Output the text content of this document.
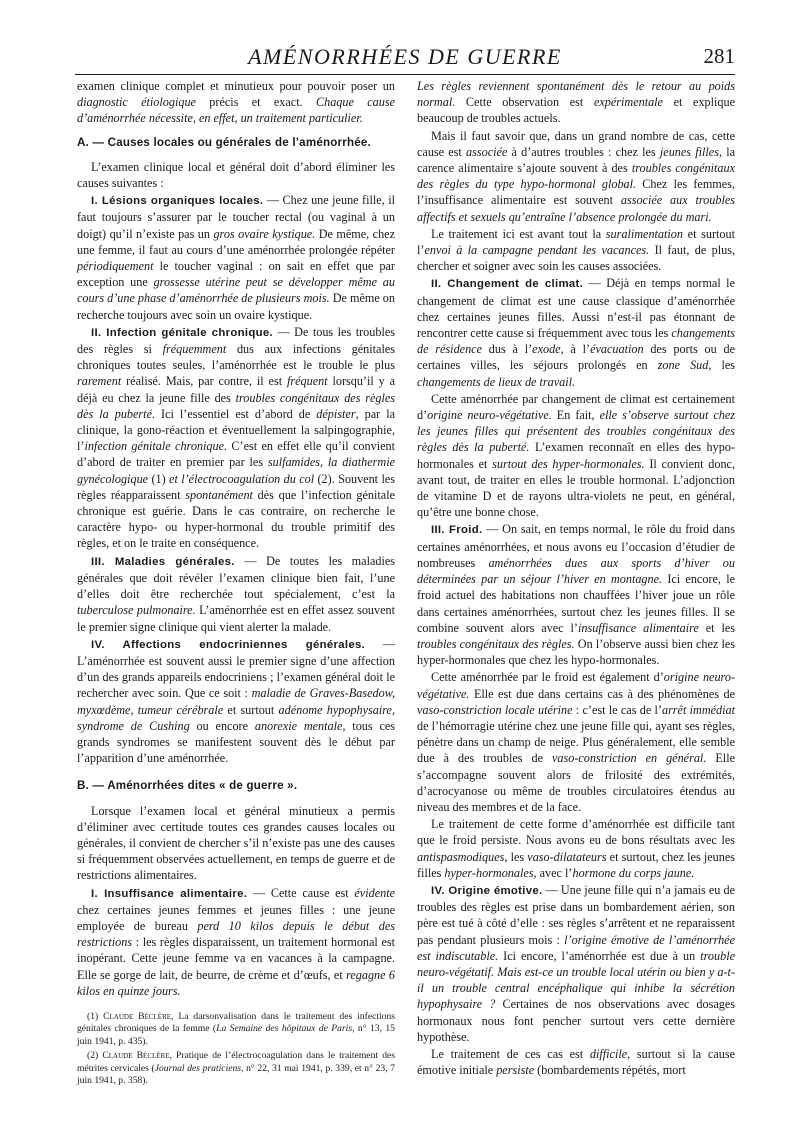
AMÉNORRHÉES DE GUERRE	281

examen clinique complet et minutieux pour pouvoir poser un diagnostic étiologique précis et exact. Chaque cause d’aménorrhée nécessite, en effet, un traitement particulier.

A. — Causes locales ou générales de l’aménorrhée.

L’examen clinique local et général doit d’abord éliminer les causes suivantes :

I. Lésions organiques locales. — Chez une jeune fille, il faut toujours s’assurer par le toucher rectal (ou vaginal à un doigt) qu’il n’existe pas un gros ovaire kystique. De même, chez une femme, il faut au cours d’une aménorrhée prolongée répéter périodiquement le toucher vaginal : on sait en effet que par exception une grossesse utérine peut se développer même au cours d’une phase d’aménorrhée de plusieurs mois. De même on recherche toujours avec soin un ovaire kystique.

II. Infection génitale chronique. — De tous les troubles des règles si fréquemment dus aux infections génitales chroniques toutes seules, l’aménorrhée est le trouble le plus rarement réalisé. Mais, par contre, il est fréquent lorsqu’il y a déjà eu chez la jeune fille des troubles congénitaux des règles dès la puberté. Ici l’essentiel est d’abord de dépister, par la clinique, la gono-réaction et éventuellement la salpingographie, l’infection génitale chronique. C’est en effet elle qu’il convient d’abord de traiter en premier par les sulfamides, la diathermie gynécologique (1) et l’électrocoagulation du col (2). Souvent les règles réapparaissent spontanément dès que l’infection génitale chronique est guérie. Dans le cas contraire, on recherche le caractère hypo- ou hyper-hormonal du trouble primitif des règles, et on le traite en conséquence.

III. Maladies générales. — De toutes les maladies générales que doit révéler l’examen clinique bien fait, l’une d’elles doit être recherchée tout spécialement, c’est la tuberculose pulmonaire. L’aménorrhée est en effet assez souvent le premier signe clinique qui vient alerter la malade.

IV. Affections endocriniennes générales. — L’aménorrhée est souvent aussi le premier signe d’une affection d’un des grands appareils endocriniens ; l’examen général doit le rechercher avec soin. Que ce soit : maladie de Graves-Basedow, myxœdème, tumeur cérébrale et surtout adénome hypophysaire, syndrome de Cushing ou encore anorexie mentale, tous ces grands syndromes se manifestent souvent dès le début par l’apparition d’une aménorrhée.

B. — Aménorrhées dites « de guerre ».

Lorsque l’examen local et général minutieux a permis d’éliminer avec certitude toutes ces grandes causes locales ou générales, il convient de chercher s’il n’existe pas une des causes si fréquemment observées actuellement, en temps de guerre et de restrictions alimentaires.

I. Insuffisance alimentaire. — Cette cause est évidente chez certaines jeunes femmes et jeunes filles : une jeune employée de bureau perd 10 kilos depuis le début des restrictions : les règles disparaissent, un traitement hormonal est inopérant. Cette jeune femme va en vacances à la campagne. Elle se gorge de lait, de beurre, de crème et d’œufs, et regagne 6 kilos en quinze jours.

(1) Claude Béclère, La darsonvalisation dans le traitement des infections génitales chroniques de la femme (La Semaine des hôpitaux de Paris, n° 13, 15 juin 1941, p. 435).

(2) Claude Béclère, Pratique de l’électrocoagulation dans le traitement des métrites cervicales (Journal des praticiens, n° 22, 31 mai 1941, p. 339, et n° 23, 7 juin 1941, p. 358).

Les règles reviennent spontanément dès le retour au poids normal. Cette observation est expérimentale et explique beaucoup de troubles actuels.

Mais il faut savoir que, dans un grand nombre de cas, cette cause est associée à d’autres troubles : chez les jeunes filles, la carence alimentaire s’ajoute souvent à des troubles congénitaux des règles du type hypo-hormonal global. Chez les femmes, l’insuffisance alimentaire est souvent associée aux troubles affectifs et sexuels qu’entraîne l’absence prolongée du mari.

Le traitement ici est avant tout la suralimentation et surtout l’envoi à la campagne pendant les vacances. Il faut, de plus, chercher et soigner avec soin les causes associées.

II. Changement de climat. — Déjà en temps normal le changement de climat est une cause classique d’aménorrhée chez certaines jeunes filles. Aussi n’est-il pas étonnant de rencontrer cette cause si fréquemment avec tous les changements de résidence dus à l’exode, à l’évacuation des ports ou de certaines villes, les séjours prolongés en zone Sud, les changements de lieux de travail.

Cette aménorrhée par changement de climat est certainement d’origine neuro-végétative. En fait, elle s’observe surtout chez les jeunes filles qui présentent des troubles congénitaux des règles dès la puberté. L’examen reconnaît en elles des hypo-hormonales et surtout des hyper-hormonales. Il convient donc, avant tout, de traiter en elles le trouble hormonal. L’adjonction de vitamine D et de rayons ultra-violets ne peut, en général, qu’être une bonne chose.

III. Froid. — On sait, en temps normal, le rôle du froid dans certaines aménorrhées, et nous avons eu l’occasion d’étudier de nombreuses aménorrhées dues aux sports d’hiver ou déterminées par un séjour l’hiver en montagne. Ici encore, le froid actuel des habitations non chauffées l’hiver joue un rôle dans certaines aménorrhées, surtout chez les jeunes filles. Il se combine souvent alors avec l’insuffisance alimentaire et les troubles congénitaux des règles. On l’observe aussi bien chez les hyper-hormonales que chez les hypo-hormonales.

Cette aménorrhée par le froid est également d’origine neuro-végétative. Elle est due dans certains cas à des phénomènes de vaso-constriction locale utérine : c’est le cas de l’arrêt immédiat de l’hémorragie utérine chez une jeune fille qui, ayant ses règles, pénètre dans un champ de neige. Plus généralement, elle semble due à des troubles de vaso-constriction en général. Elle s’accompagne souvent alors de frilosité des extrémités, d’acrocyanose ou même de troubles circulatoires étendus au niveau des membres et de la face.

Le traitement de cette forme d’aménorrhée est difficile tant que le froid persiste. Nous avons eu de bons résultats avec les antispasmodiques, les vaso-dilatateurs et surtout, chez les jeunes filles hyper-hormonales, avec l’hormone du corps jaune.

IV. Origine émotive. — Une jeune fille qui n’a jamais eu de troubles des règles est prise dans un bombardement aérien, son père est tué à côté d’elle : ses règles s’arrêtent et ne reparaissent pas pendant plusieurs mois : l’origine émotive de l’aménorrhée est indiscutable. Ici encore, l’aménorrhée est due à un trouble neuro-végétatif. Mais est-ce un trouble local utérin ou bien y a-t-il un trouble central encéphalique qui inhibe la sécrétion hypophysaire ? Certaines de nos observations avec dosages hormonaux nous font pencher surtout vers cette dernière hypothèse.

Le traitement de ces cas est difficile, surtout si la cause émotive initiale persiste (bombardements répétés, mort
